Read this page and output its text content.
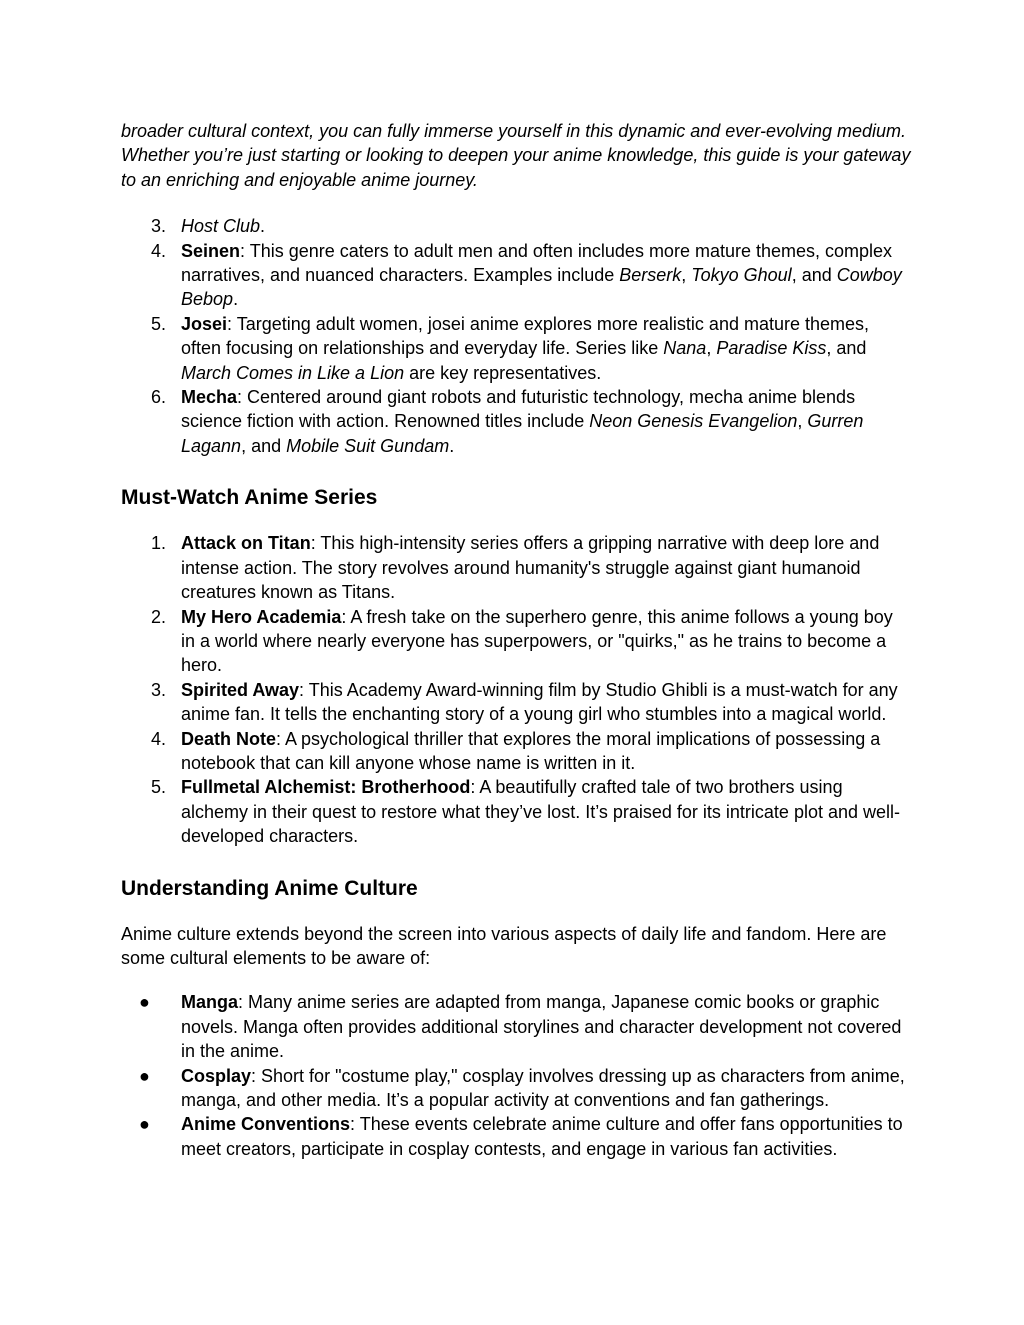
broader cultural context, you can fully immerse yourself in this dynamic and ever-evolving medium. Whether you’re just starting or looking to deepen your anime knowledge, this guide is your gateway to an enriching and enjoyable anime journey.

3. Host Club.
4. Seinen: This genre caters to adult men and often includes more mature themes, complex narratives, and nuanced characters. Examples include Berserk, Tokyo Ghoul, and Cowboy Bebop.
5. Josei: Targeting adult women, josei anime explores more realistic and mature themes, often focusing on relationships and everyday life. Series like Nana, Paradise Kiss, and March Comes in Like a Lion are key representatives.
6. Mecha: Centered around giant robots and futuristic technology, mecha anime blends science fiction with action. Renowned titles include Neon Genesis Evangelion, Gurren Lagann, and Mobile Suit Gundam.
Must-Watch Anime Series
1. Attack on Titan: This high-intensity series offers a gripping narrative with deep lore and intense action. The story revolves around humanity's struggle against giant humanoid creatures known as Titans.
2. My Hero Academia: A fresh take on the superhero genre, this anime follows a young boy in a world where nearly everyone has superpowers, or "quirks," as he trains to become a hero.
3. Spirited Away: This Academy Award-winning film by Studio Ghibli is a must-watch for any anime fan. It tells the enchanting story of a young girl who stumbles into a magical world.
4. Death Note: A psychological thriller that explores the moral implications of possessing a notebook that can kill anyone whose name is written in it.
5. Fullmetal Alchemist: Brotherhood: A beautifully crafted tale of two brothers using alchemy in their quest to restore what they’ve lost. It’s praised for its intricate plot and well-developed characters.
Understanding Anime Culture

Anime culture extends beyond the screen into various aspects of daily life and fandom. Here are some cultural elements to be aware of:

● Manga: Many anime series are adapted from manga, Japanese comic books or graphic novels. Manga often provides additional storylines and character development not covered in the anime.
● Cosplay: Short for "costume play," cosplay involves dressing up as characters from anime, manga, and other media. It’s a popular activity at conventions and fan gatherings.
● Anime Conventions: These events celebrate anime culture and offer fans opportunities to meet creators, participate in cosplay contests, and engage in various fan activities.
